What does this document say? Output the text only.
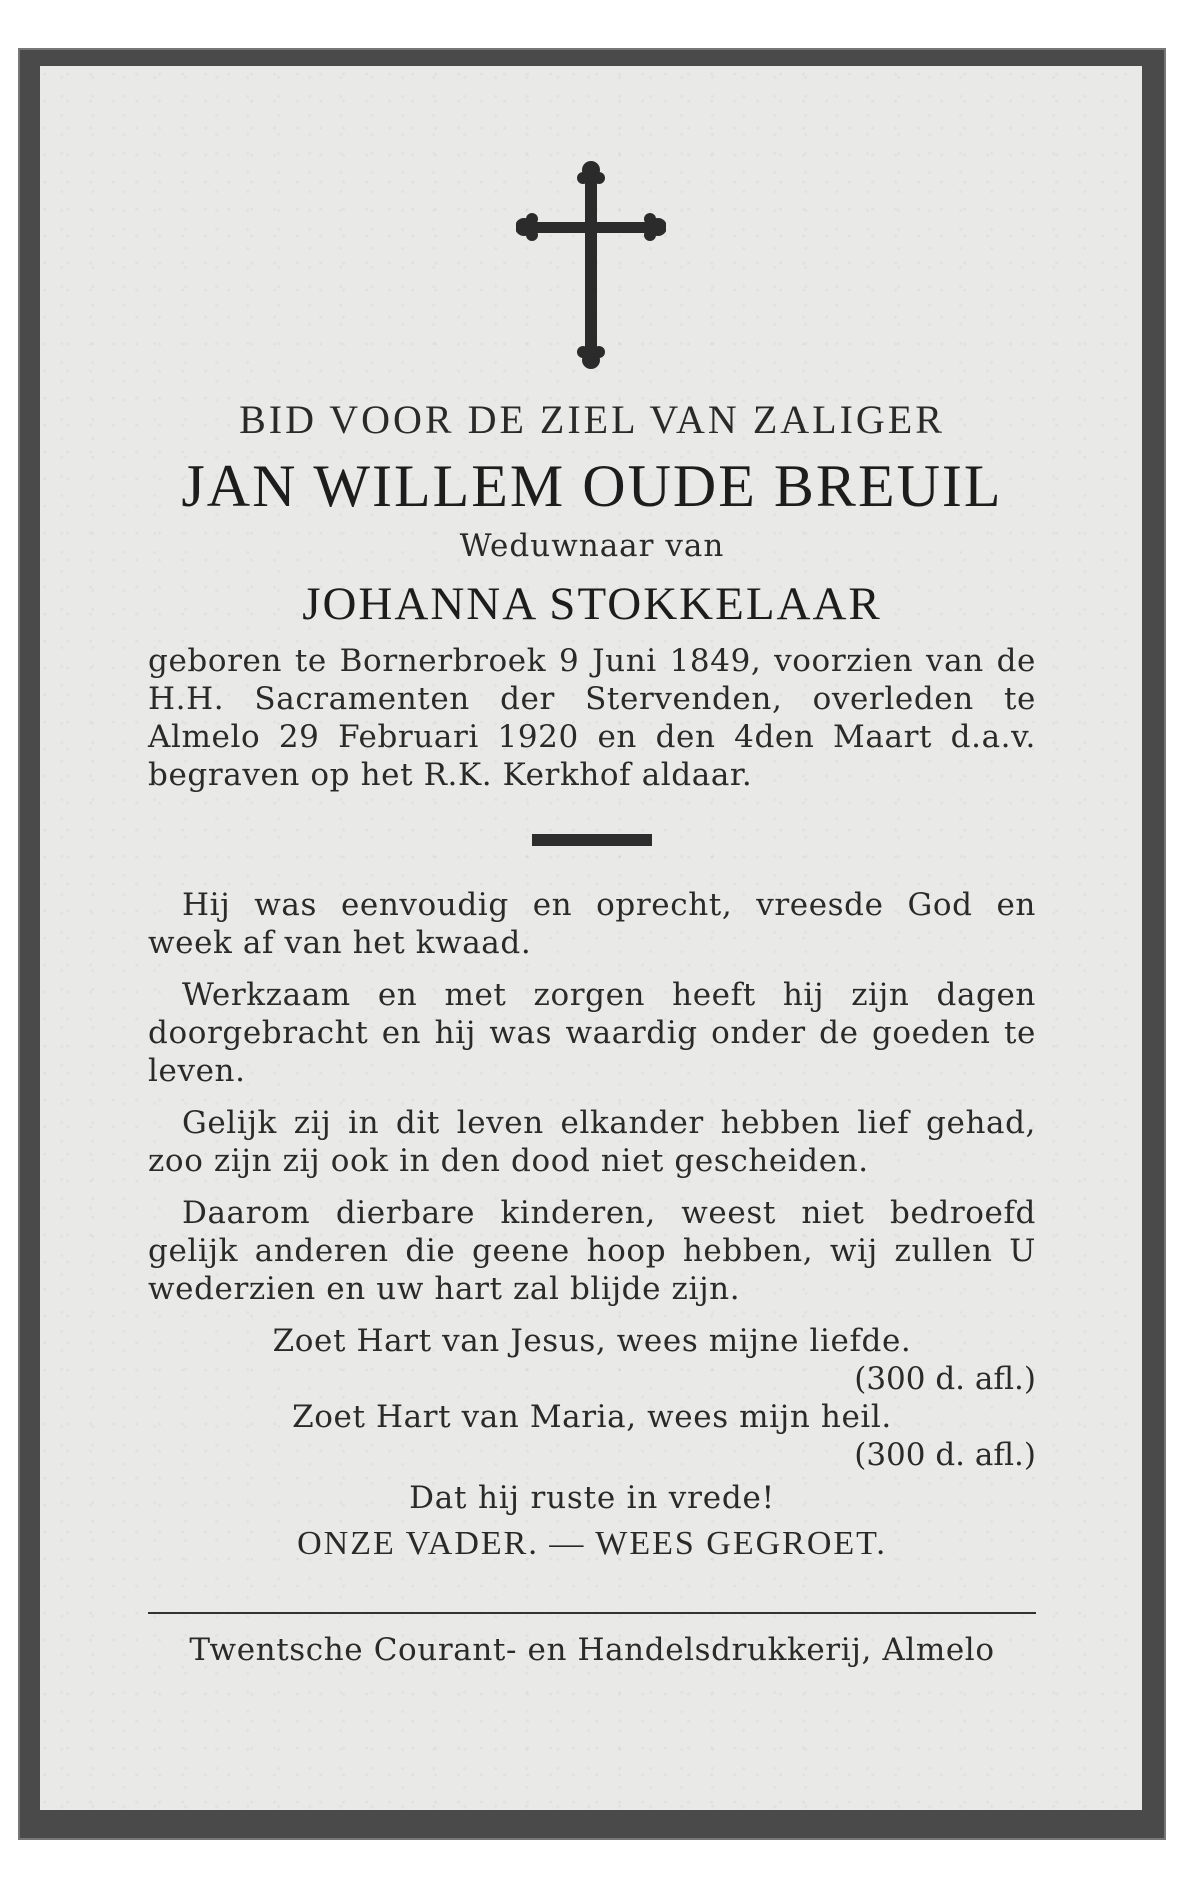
BID VOOR DE ZIEL VAN ZALIGER

JAN WILLEM OUDE BREUIL

Weduwnaar van

JOHANNA STOKKELAAR

geboren te Bornerbroek 9 Juni 1849, voorzien van de H.H. Sacramenten der Stervenden, overleden te Almelo 29 Februari 1920 en den 4den Maart d.a.v. begraven op het R.K. Kerkhof aldaar.

Hij was eenvoudig en oprecht, vreesde God en week af van het kwaad.

Werkzaam en met zorgen heeft hij zijn dagen doorgebracht en hij was waardig onder de goeden te leven.

Gelijk zij in dit leven elkander hebben lief gehad, zoo zijn zij ook in den dood niet gescheiden.

Daarom dierbare kinderen, weest niet bedroefd gelijk anderen die geene hoop hebben, wij zullen U wederzien en uw hart zal blijde zijn.

Zoet Hart van Jesus, wees mijne liefde.

(300 d. afl.)

Zoet Hart van Maria, wees mijn heil.

(300 d. afl.)

Dat hij ruste in vrede!

ONZE VADER. — WEES GEGROET.

Twentsche Courant- en Handelsdrukkerij, Almelo
